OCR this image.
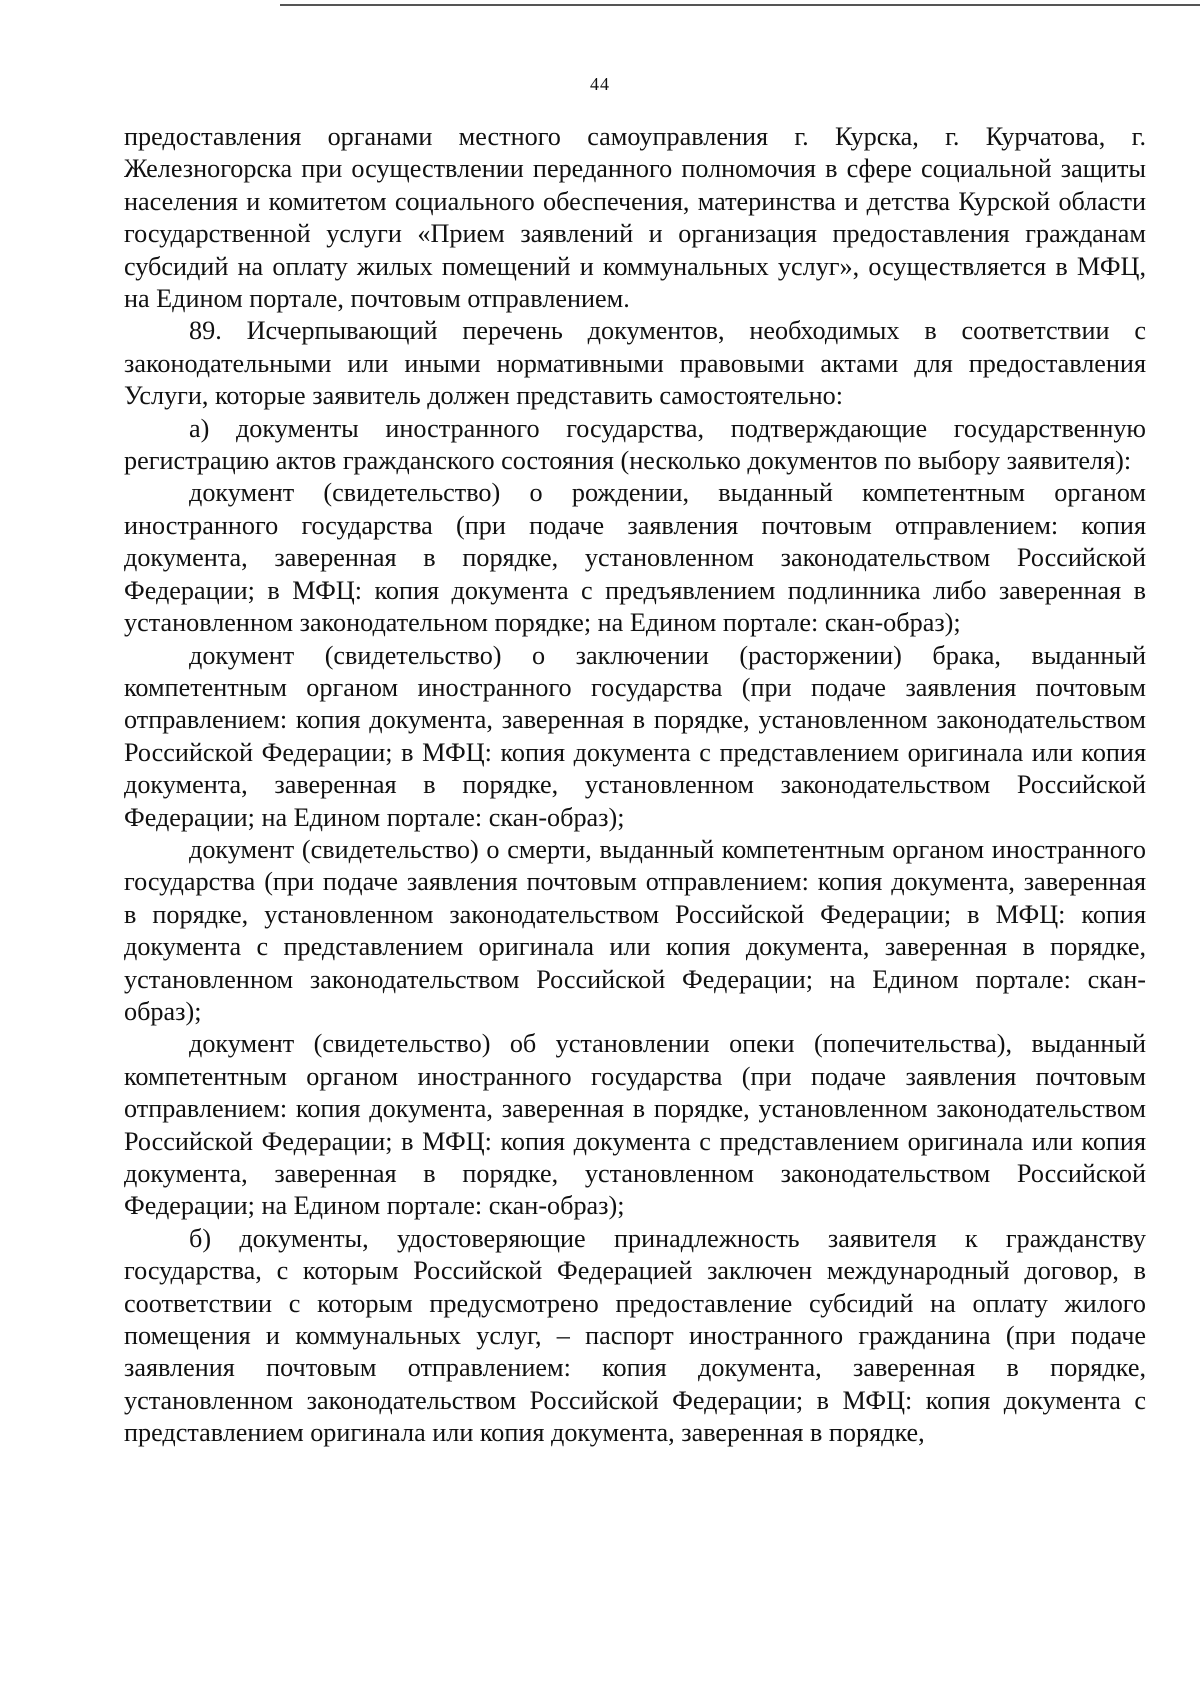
44

предоставления органами местного самоуправления г. Курска, г. Курчатова, г. Железногорска при осуществлении переданного полномочия в сфере социальной защиты населения и комитетом социального обеспечения, материнства и детства Курской области государственной услуги «Прием заявлений и организация предоставления гражданам субсидий на оплату жилых помещений и коммунальных услуг», осуществляется в МФЦ, на Едином портале, почтовым отправлением.

89. Исчерпывающий перечень документов, необходимых в соответствии с законодательными или иными нормативными правовыми актами для предоставления Услуги, которые заявитель должен представить самостоятельно:

а) документы иностранного государства, подтверждающие государственную регистрацию актов гражданского состояния (несколько документов по выбору заявителя):

документ (свидетельство) о рождении, выданный компетентным органом иностранного государства (при подаче заявления почтовым отправлением: копия документа, заверенная в порядке, установленном законодательством Российской Федерации; в МФЦ: копия документа с предъявлением подлинника либо заверенная в установленном законодательном порядке; на Едином портале: скан-образ);

документ (свидетельство) о заключении (расторжении) брака, выданный компетентным органом иностранного государства (при подаче заявления почтовым отправлением: копия документа, заверенная в порядке, установленном законодательством Российской Федерации; в МФЦ: копия документа с представлением оригинала или копия документа, заверенная в порядке, установленном законодательством Российской Федерации; на Едином портале: скан-образ);

документ (свидетельство) о смерти, выданный компетентным органом иностранного государства (при подаче заявления почтовым отправлением: копия документа, заверенная в порядке, установленном законодательством Российской Федерации; в МФЦ: копия документа с представлением оригинала или копия документа, заверенная в порядке, установленном законодательством Российской Федерации; на Едином портале: скан-образ);

документ (свидетельство) об установлении опеки (попечительства), выданный компетентным органом иностранного государства (при подаче заявления почтовым отправлением: копия документа, заверенная в порядке, установленном законодательством Российской Федерации; в МФЦ: копия документа с представлением оригинала или копия документа, заверенная в порядке, установленном законодательством Российской Федерации; на Едином портале: скан-образ);

б) документы, удостоверяющие принадлежность заявителя к гражданству государства, с которым Российской Федерацией заключен международный договор, в соответствии с которым предусмотрено предоставление субсидий на оплату жилого помещения и коммунальных услуг, – паспорт иностранного гражданина (при подаче заявления почтовым отправлением: копия документа, заверенная в порядке, установленном законодательством Российской Федерации; в МФЦ: копия документа с представлением оригинала или копия документа, заверенная в порядке,
